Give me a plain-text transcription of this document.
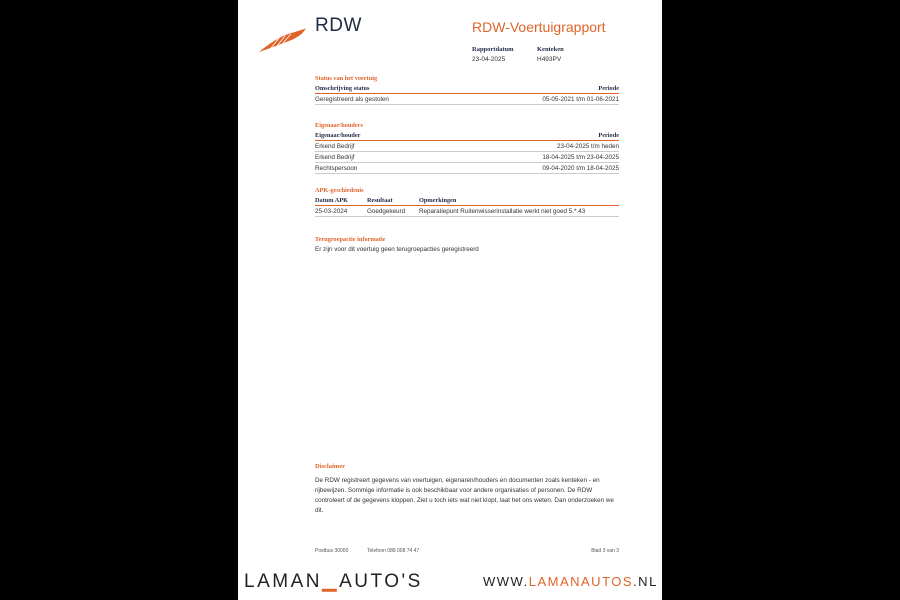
RDW	RDW-Voertuigrapport
Rapportdatum
23-04-2025
Kenteken
H493PV
Status van het voertuig
Omschrijving status	Periode
Geregistreerd als gestolen	05-05-2021 t/m 01-06-2021
Eigenaar/houders
Eigenaar/houder	Periode
Erkend Bedrijf	23-04-2025 t/m heden
Erkend Bedrijf	18-04-2025 t/m 23-04-2025
Rechtspersoon	09-04-2020 t/m 18-04-2025
APK-geschiedenis
Datum APK	Resultaat	Opmerkingen
25-03-2024	Goedgekeurd	Reparatiepunt Ruitenwisserinstallatie werkt niet goed 5.*.43
Terugroepactie informatie
Er zijn voor dit voertuig geen terugroepacties geregistreerd
Disclaimer
De RDW registreert gegevens van voertuigen, eigenaren/houders en documenten zoals kenteken - en rijbewijzen. Sommige informatie is ook beschikbaar voor andere organisaties of personen. De RDW controleert of de gegevens kloppen. Ziet u toch iets wat niet klopt, laat het ons weten. Dan onderzoeken we dit.
Postbus 30000	Telefoon 088 008 74 47	Blad 3 van 3
LAMAN▁AUTO'S	WWW.LAMANAUTOS.NL
